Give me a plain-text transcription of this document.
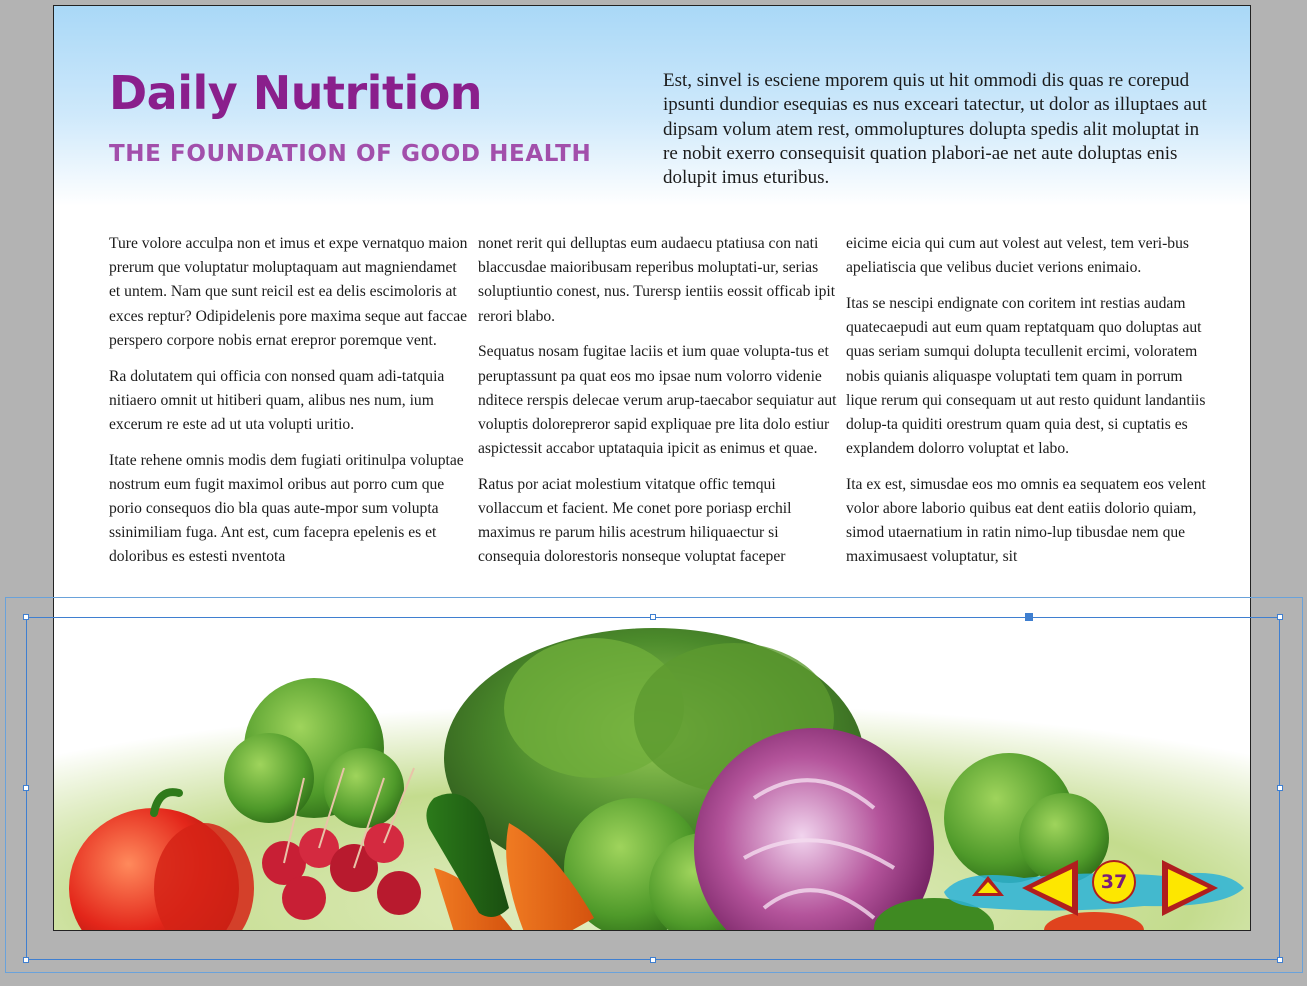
Daily Nutrition
THE FOUNDATION OF GOOD HEALTH

Est, sinvel is esciene mporem quis ut hit ommodi dis quas re corepud ipsunti dundior esequias es nus exceari tatectur, ut dolor as illuptaes aut dipsam volum atem rest, ommoluptures dolupta spedis alit moluptat in re nobit exerro consequisit quation plabori-ae net aute doluptas enis dolupit imus eturibus.

Ture volore acculpa non et imus et expe vernatquo maion prerum que voluptatur moluptaquam aut magniendamet et untem. Nam que sunt reicil est ea delis escimoloris at exces reptur? Odipidelenis pore maxima seque aut faccae perspero corpore nobis ernat erepror poremque vent.

Ra dolutatem qui officia con nonsed quam adi-tatquia nitiaero omnit ut hitiberi quam, alibus nes num, ium excerum re este ad ut uta volupti uritio.

Itate rehene omnis modis dem fugiati oritinulpa voluptae nostrum eum fugit maximol oribus aut porro cum que porio consequos dio bla quas aute-mpor sum volupta ssinimiliam fuga. Ant est, cum facepra epelenis es et doloribus es estesti nventota

nonet rerit qui delluptas eum audaecu ptatiusa con nati blaccusdae maioribusam reperibus moluptati-ur, serias soluptiuntio conest, nus. Turersp ientiis eossit officab ipit rerori blabo.

Sequatus nosam fugitae laciis et ium quae volupta-tus et peruptassunt pa quat eos mo ipsae num volorro videnie nditece rerspis delecae verum arup-taecabor sequiatur aut voluptis dolorepreror sapid expliquae pre lita dolo estiur aspictessit accabor uptataquia ipicit as enimus et quae.

Ratus por aciat molestium vitatque offic temqui vollaccum et facient. Me conet pore poriasp erchil maximus re parum hilis acestrum hiliquaectur si consequia dolorestoris nonseque voluptat faceper

eicime eicia qui cum aut volest aut velest, tem veri-bus apeliatiscia que velibus duciet verions enimaio.

Itas se nescipi endignate con coritem int restias audam quatecaepudi aut eum quam reptatquam quo doluptas aut quas seriam sumqui dolupta tecullenit ercimi, voloratem nobis quianis aliquaspe voluptati tem quam in porrum lique rerum qui consequam ut aut resto quidunt landantiis dolup-ta quiditi orestrum quam quia dest, si cuptatis es explandem dolorro voluptat et labo.

Ita ex est, simusdae eos mo omnis ea sequatem eos velent volor abore laborio quibus eat dent eatiis dolorio quiam, simod utaernatium in ratin nimo-lup tibusdae nem que maximusaest voluptatur, sit

37
